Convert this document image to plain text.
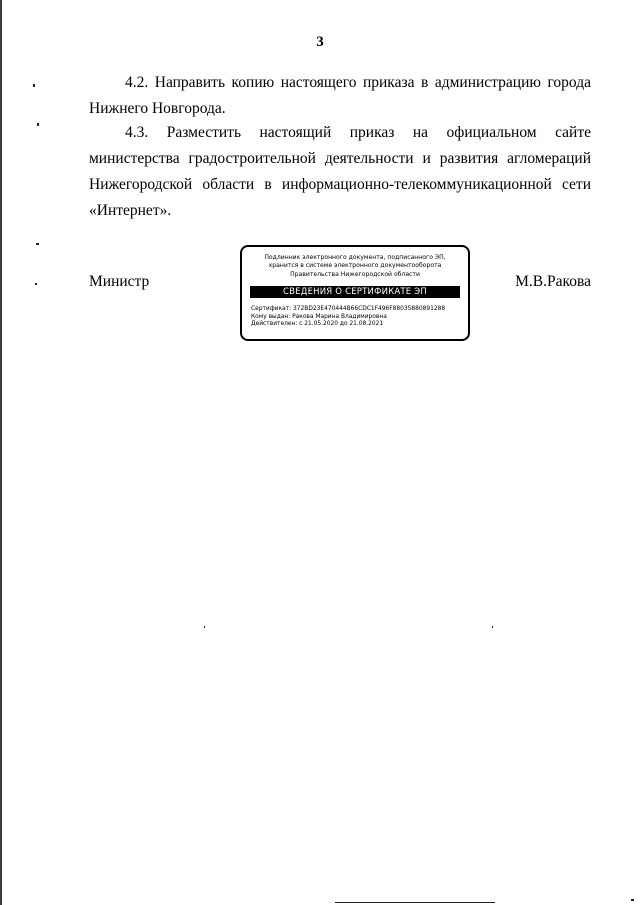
3

4.2. Направить копию настоящего приказа в администрацию города Нижнего Новгорода.

4.3. Разместить настоящий приказ на официальном сайте министерства градостроительной деятельности и развития агломераций Нижегородской области в информационно-телекоммуникационной сети «Интернет».

Министр
Подлинник электронного документа, подписанного ЭП,
хранится в системе электронного документооборота
Правительства Нижегородской области
СВЕДЕНИЯ О СЕРТИФИКАТЕ ЭП
Сертификат: 372BD23E470444B66CDC1F496F88035880891288
Кому выдан: Ракова Марина Владимировна
Действителен: с 21.05.2020 до 21.08.2021
М.В.Ракова
